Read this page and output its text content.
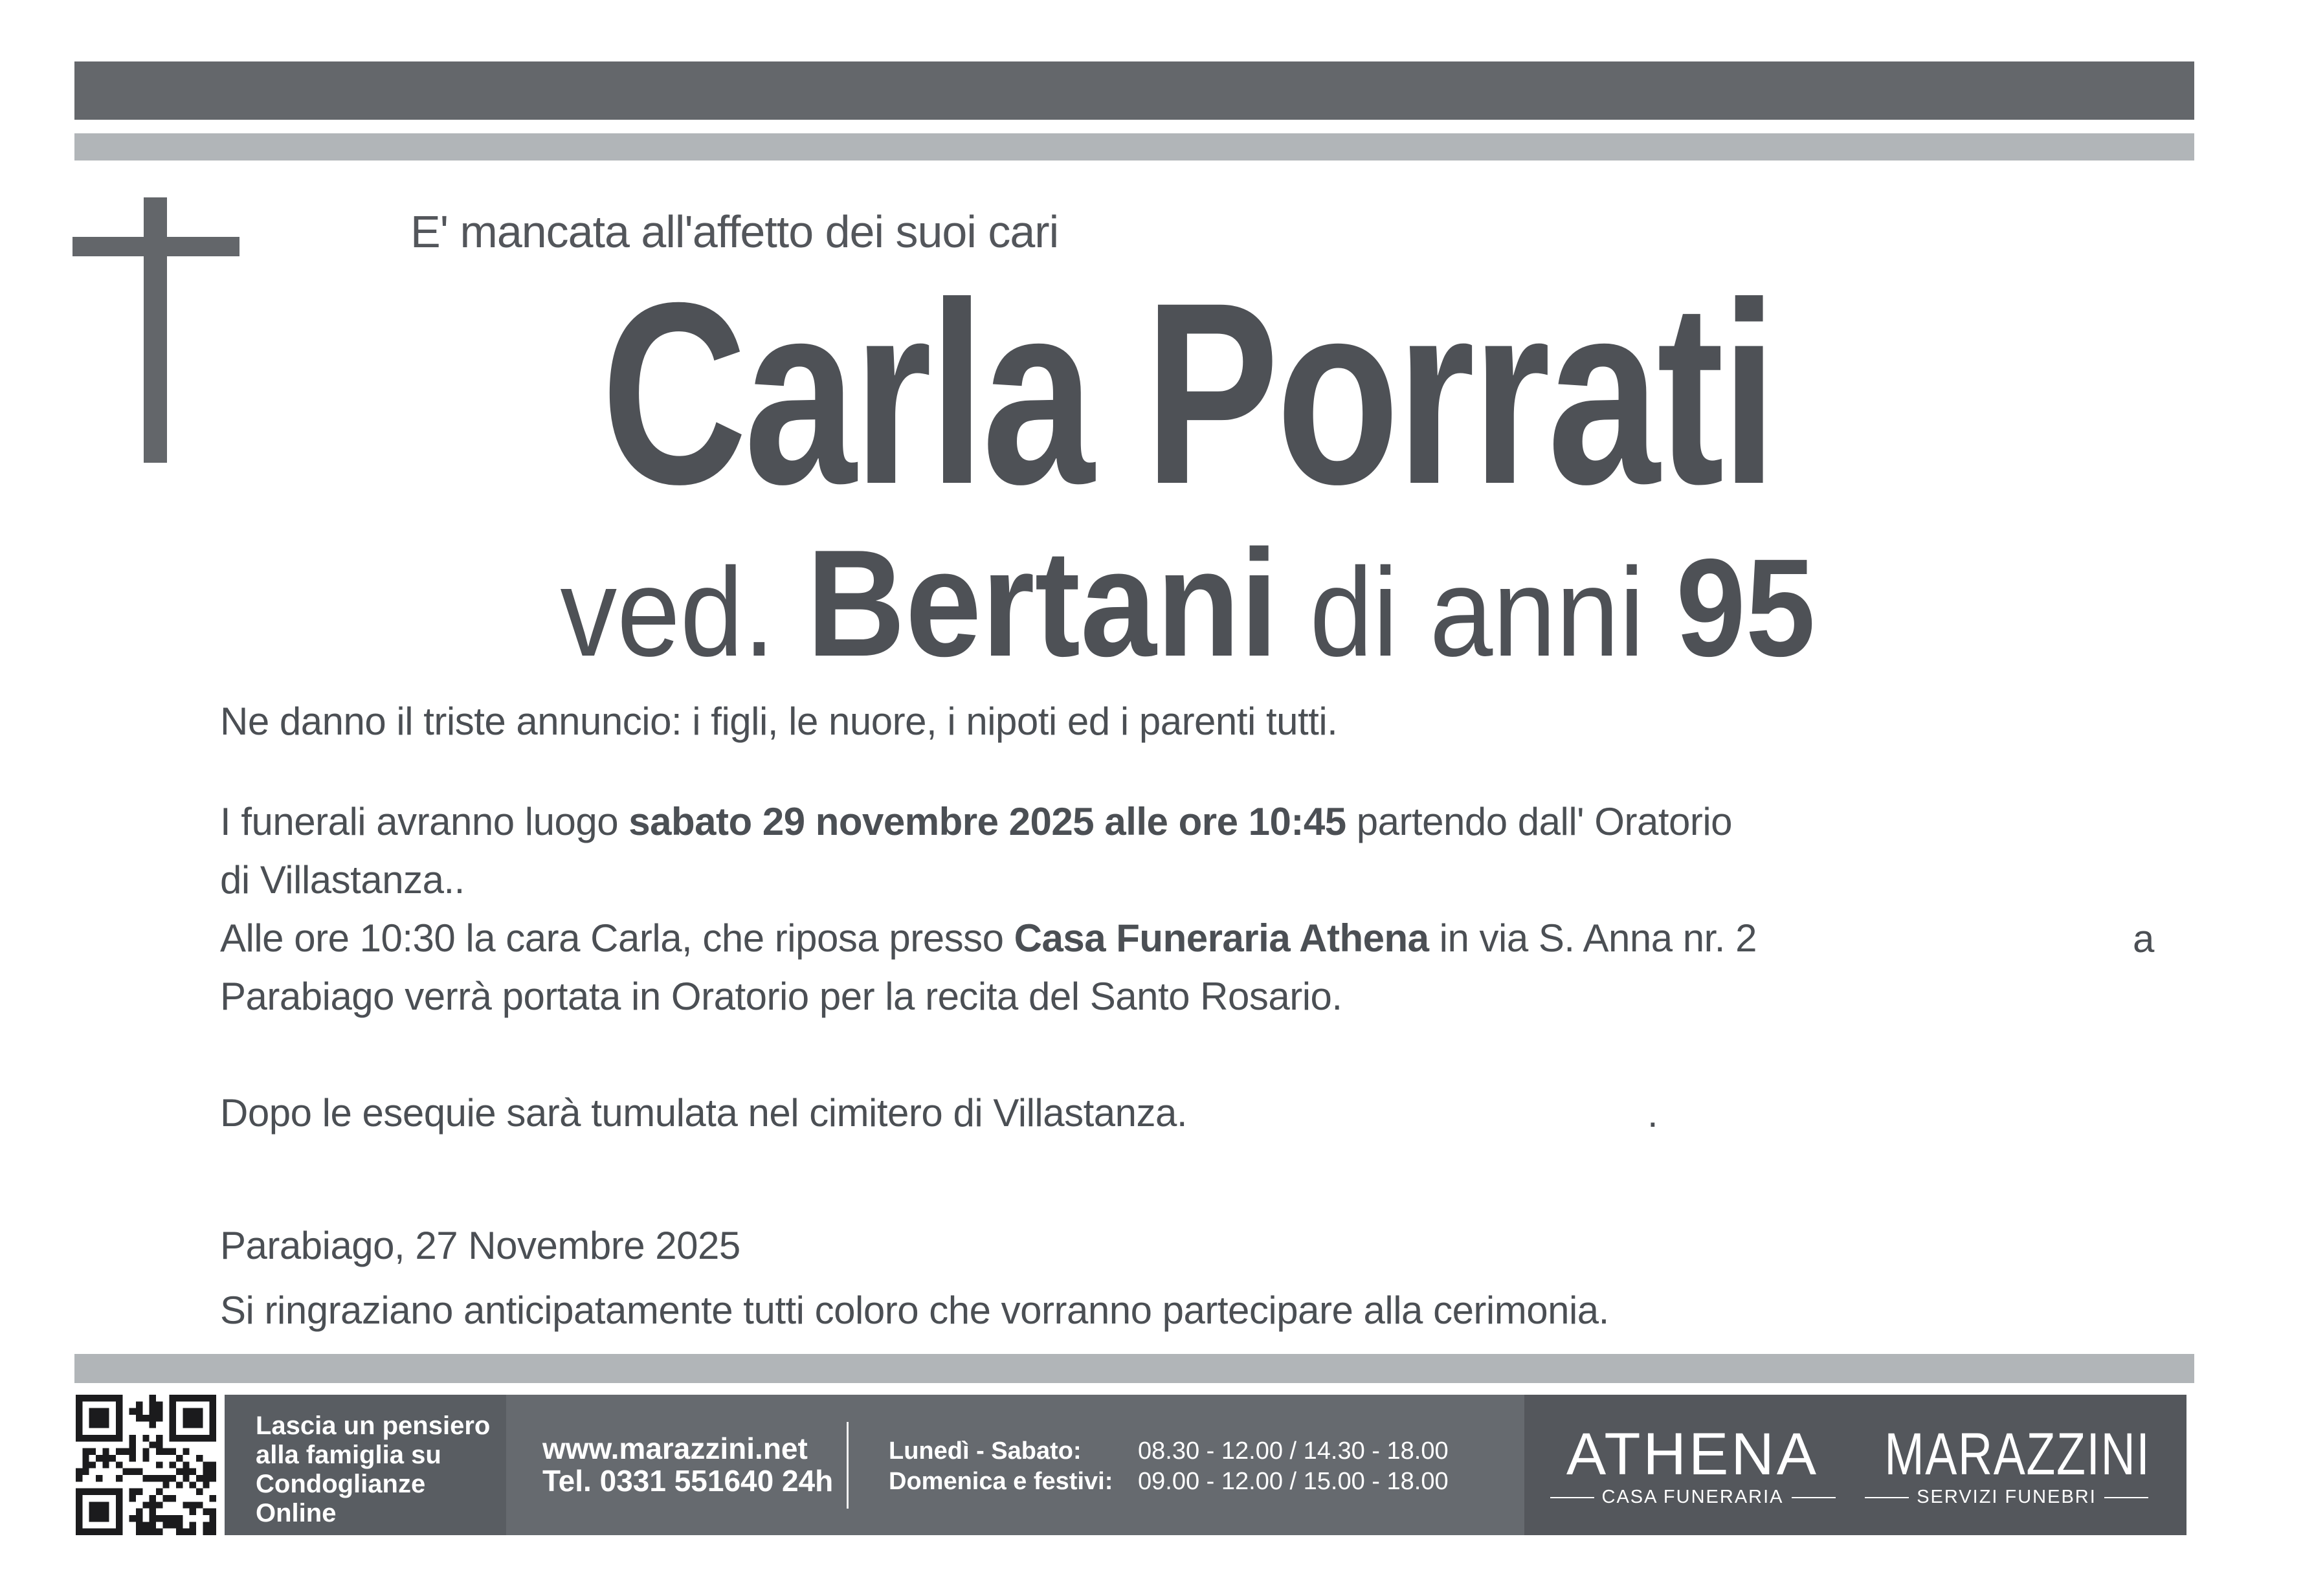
E' mancata all'affetto dei suoi cari
Carla Porrati
ved. Bertani di anni 95
Ne danno il triste annuncio: i figli, le nuore, i nipoti ed i parenti tutti.
I funerali avranno luogo sabato 29 novembre 2025 alle ore 10:45 partendo dall' Oratorio
di Villastanza..
Alle ore 10:30 la cara Carla, che riposa presso Casa Funeraria Athena in via S. Anna nr. 2	a
Parabiago verrà portata in Oratorio per la recita del Santo Rosario.
Dopo le esequie sarà tumulata nel cimitero di Villastanza.	.
Parabiago, 27 Novembre 2025
Si ringraziano anticipatamente tutti coloro che vorranno partecipare alla cerimonia.
Lascia un pensiero
alla famiglia su
Condoglianze
Online
www.marazzini.net
Tel. 0331 551640 24h
Lunedì - Sabato: 08.30 - 12.00 / 14.30 - 18.00
Domenica e festivi: 09.00 - 12.00 / 15.00 - 18.00	ATHENA
CASA FUNERARIA
MARAZZINI
SERVIZI FUNEBRI
